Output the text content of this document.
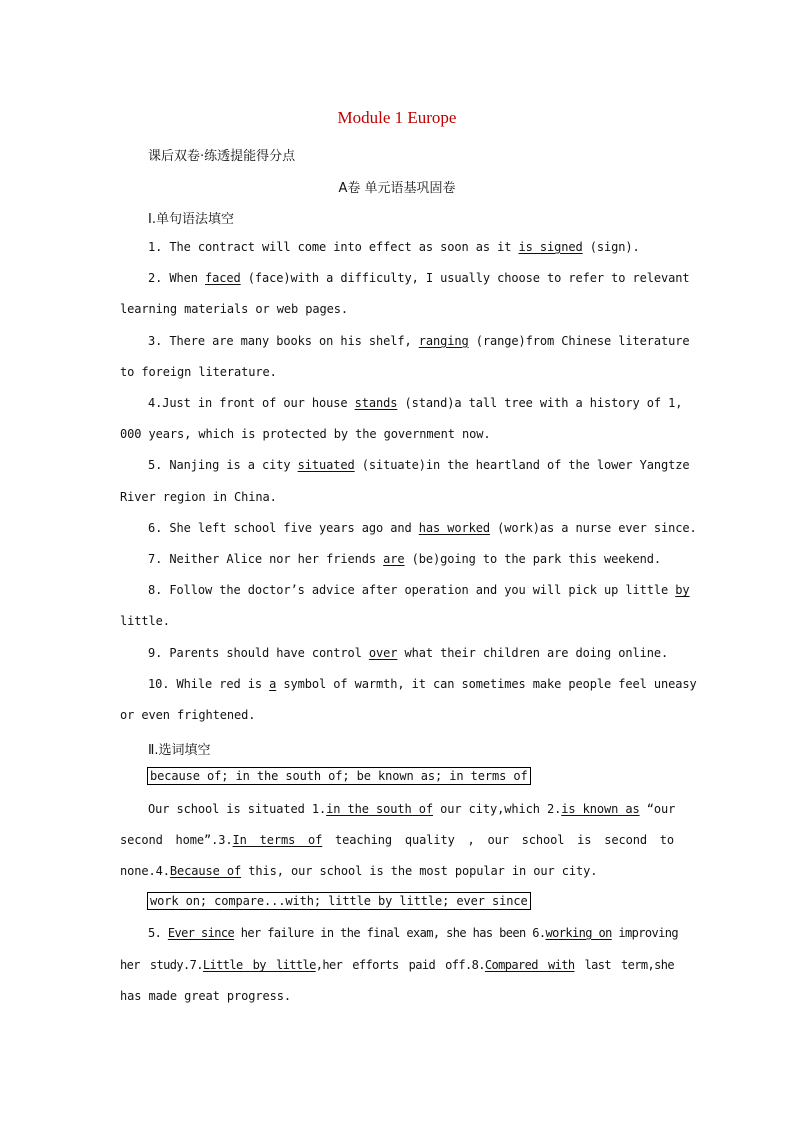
Module 1 Europe
课后双卷·练透提能得分点
A卷 单元语基巩固卷
Ⅰ.单句语法填空
1. The contract will come into effect as soon as it is signed (sign).
2. When faced (face)with a difficulty, I usually choose to refer to relevant
learning materials or web pages.
3. There are many books on his shelf, ranging (range)from Chinese literature
to foreign literature.
4.Just in front of our house stands (stand)a tall tree with a history of 1,
000 years, which is protected by the government now.
5. Nanjing is a city situated (situate)in the heartland of the lower Yangtze
River region in China.
6. She left school five years ago and has worked (work)as a nurse ever since.
7. Neither Alice nor her friends are (be)going to the park this weekend.
8. Follow the doctor’s advice after operation and you will pick up little by
little.
9. Parents should have control over what their children are doing online.
10. While red is a symbol of warmth, it can sometimes make people feel uneasy
or even frightened.
Ⅱ.选词填空
because of; in the south of; be known as; in terms of
Our school is situated 1.in the south of our city,which 2.is known as “our
second home”.3.In terms of teaching quality , our school is second to
none.4.Because of this, our school is the most popular in our city.
work on; compare...with; little by little; ever since
5. Ever since her failure in the final exam, she has been 6.working on improving
her study.7.Little by little,her efforts paid off.8.Compared with last term,she
has made great progress.
